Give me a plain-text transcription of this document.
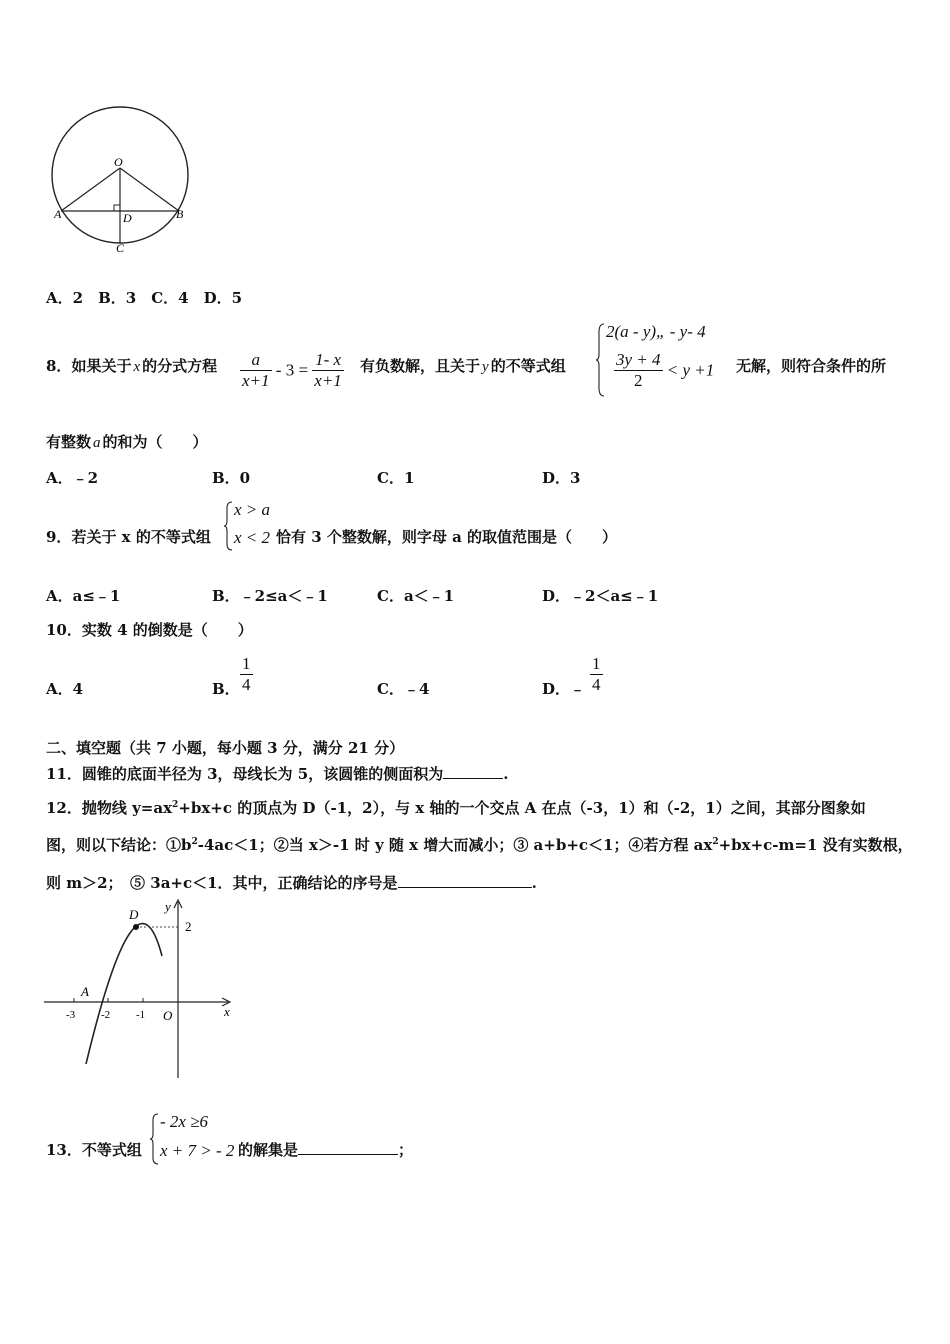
O
A	B
D
C
A．2　B．3　C．4　D．5
8．如果关于 x 的分式方程 $\frac{a}{x+1} - 3 = \frac{1- x}{x+1}$ 有负数解，且关于 y 的不等式组
2(a - y)„ - y- 4
$\frac{3y + 4}{2} < y +1$ 无解，则符合条件的所
有整数 a 的和为（　　）
A．﹣2	B．0	C．1	D．3
9．若关于 x 的不等式组
x > a
x < 2 恰有 3 个整数解，则字母 a 的取值范围是（　　）
A．a≤﹣1	B．﹣2≤a＜﹣1	C．a＜﹣1	D．﹣2＜a≤﹣1
10．实数 4 的倒数是（　　）
A．4	B． $\frac{1}{4}$	C．﹣4	D．﹣ $\frac{1}{4}$
二、填空题（共 7 小题，每小题 3 分，满分 21 分）
11．圆锥的底面半径为 3，母线长为 5，该圆锥的侧面积为	.
12．抛物线 $y=ax^2+bx+c$ 的顶点为 D（-1，2），与 x 轴的一个交点 A 在点（-3，1）和（-2，1）之间，其部分图象如
图，则以下结论：$①b^2-4ac<1$；②当 x＞-1 时 y 随 x 增大而减小；③ a+b+c＜1；④若方程 $ax^2+bx+c-m=1$ 没有实数根，
则 m＞2；　⑤ 3a+c＜1．其中，正确结论的序号是	.
D
y
2
A
x
O
-3 -2 -1
13．不等式组
- 2x ≥6
x + 7 > - 2 的解集是	；
